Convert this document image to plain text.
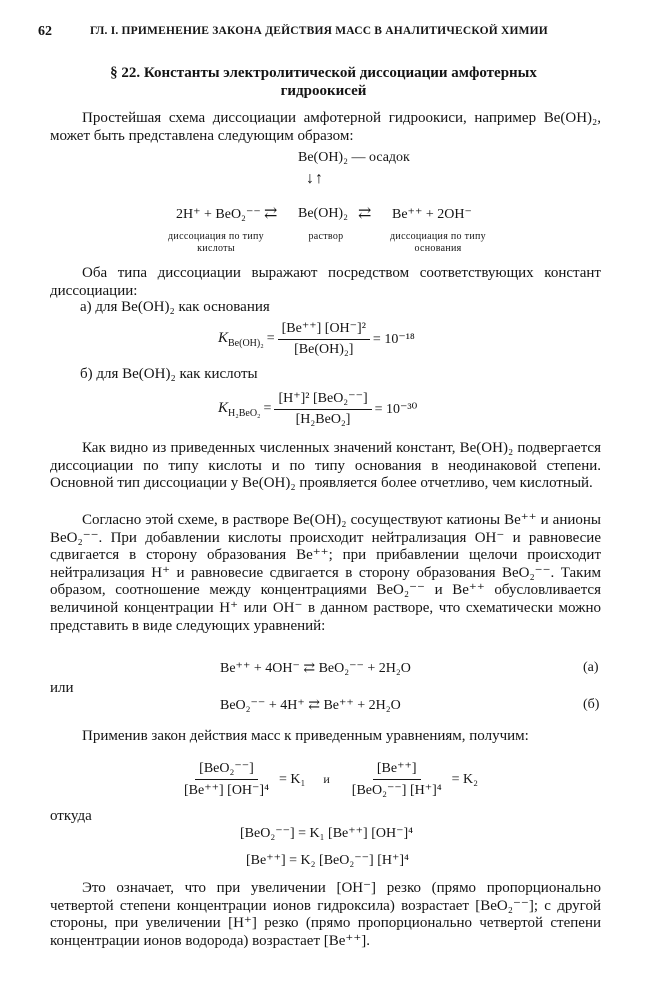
62	ГЛ. I. ПРИМЕНЕНИЕ ЗАКОНА ДЕЙСТВИЯ МАСС В АНАЛИТИЧЕСКОЙ ХИМИИ
§ 22. Константы электролитической диссоциации амфотерных
гидроокисей
Простейшая схема диссоциации амфотерной гидроокиси, например Be(OH)₂, может быть представлена следующим образом:
Be(OH)₂ — осадок
↓↑
2H⁺ + BeO₂⁻⁻ ⇄ Be(OH)₂ ⇄ Be⁺⁺ + 2OH⁻
диссоциация по типу кислоты
раствор	диссоциация по типу основания
Оба типа диссоциации выражают посредством соответствующих констант диссоциации:
а) для Be(OH)₂ как основания
$K_{Be(OH)_2} = \frac{\text{[Be⁺⁺] [OH⁻]²}}{\text{[Be(OH)₂]}} = 10^{-18}$
б) для Be(OH)₂ как кислоты
$K_{H_2BeO_2} = \frac{\text{[H⁺]² [BeO₂⁻⁻]}}{\text{[H₂BeO₂]}} = 10^{-30}$
Как видно из приведенных численных значений констант, Be(OH)₂ подвергается диссоциации по типу кислоты и по типу основания в неодинаковой степени. Основной тип диссоциации у Be(OH)₂ проявляется более отчетливо, чем кислотный.
Согласно этой схеме, в растворе Be(OH)₂ сосуществуют катионы Be⁺⁺ и анионы BeO₂⁻⁻. При добавлении кислоты происходит нейтрализация OH⁻ и равновесие сдвигается в сторону образования Be⁺⁺; при прибавлении щелочи происходит нейтрализация H⁺ и равновесие сдвигается в сторону образования BeO₂⁻⁻. Таким образом, соотношение между концентрациями BeO₂⁻⁻ и Be⁺⁺ обусловливается величиной концентрации H⁺ или OH⁻ в данном растворе, что схематически можно представить в виде следующих уравнений:
Be⁺⁺ + 4OH⁻ ⇄ BeO₂⁻⁻ + 2H₂O	(а)
или
BeO₂⁻⁻ + 4H⁺ ⇄ Be⁺⁺ + 2H₂O	(б)
Применив закон действия масс к приведенным уравнениям, получим:
$\frac{\text{[BeO₂⁻⁻]}}{\text{[Be⁺⁺] [OH⁻]⁴}} = K_1$ и $\frac{[Be^{++}]}{\text{[BeO₂⁻⁻] [H⁺]⁴}} = K_2$
откуда
[BeO₂⁻⁻] = K₁ [Be⁺⁺] [OH⁻]⁴
[Be⁺⁺] = K₂ [BeO₂⁻⁻] [H⁺]⁴
Это означает, что при увеличении [OH⁻] резко (прямо пропорционально четвертой степени концентрации ионов гидроксила) возрастает [BeO₂⁻⁻]; с другой стороны, при увеличении [H⁺] резко (прямо пропорционально четвертой степени концентрации ионов водорода) возрастает [Be⁺⁺].
